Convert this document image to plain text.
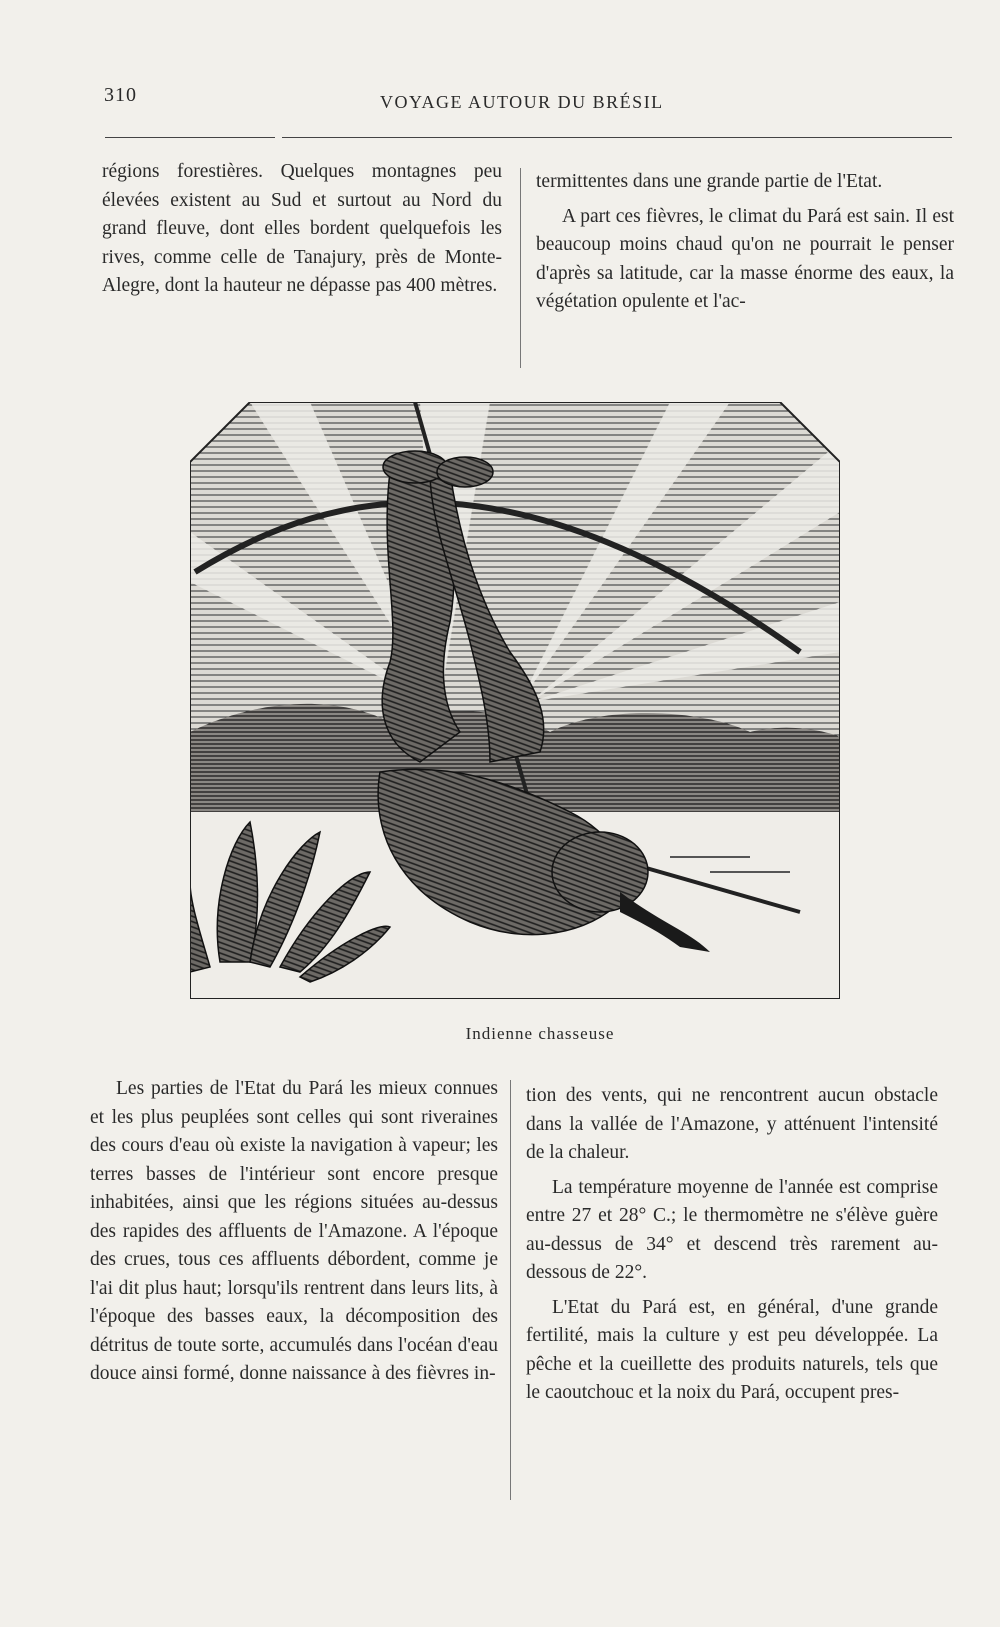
310	VOYAGE AUTOUR DU BRÉSIL

régions forestières. Quelques montagnes peu élevées existent au Sud et surtout au Nord du grand fleuve, dont elles bordent quelquefois les rives, comme celle de Tanajury, près de Monte-Alegre, dont la hauteur ne dépasse pas 400 mètres.

termittentes dans une grande partie de l'Etat.

A part ces fièvres, le climat du Pará est sain. Il est beaucoup moins chaud qu'on ne pourrait le penser d'après sa latitude, car la masse énorme des eaux, la végétation opulente et l'ac-

Indienne chasseuse

Les parties de l'Etat du Pará les mieux connues et les plus peuplées sont celles qui sont riveraines des cours d'eau où existe la navigation à vapeur; les terres basses de l'intérieur sont encore presque inhabitées, ainsi que les régions situées au-dessus des rapides des affluents de l'Amazone. A l'époque des crues, tous ces affluents débordent, comme je l'ai dit plus haut; lorsqu'ils rentrent dans leurs lits, à l'époque des basses eaux, la décomposition des détritus de toute sorte, accumulés dans l'océan d'eau douce ainsi formé, donne naissance à des fièvres in-

tion des vents, qui ne rencontrent aucun obstacle dans la vallée de l'Amazone, y atténuent l'intensité de la chaleur.

La température moyenne de l'année est comprise entre 27 et 28° C.; le thermomètre ne s'élève guère au-dessus de 34° et descend très rarement au-dessous de 22°.

L'Etat du Pará est, en général, d'une grande fertilité, mais la culture y est peu développée. La pêche et la cueillette des produits naturels, tels que le caoutchouc et la noix du Pará, occupent pres-
